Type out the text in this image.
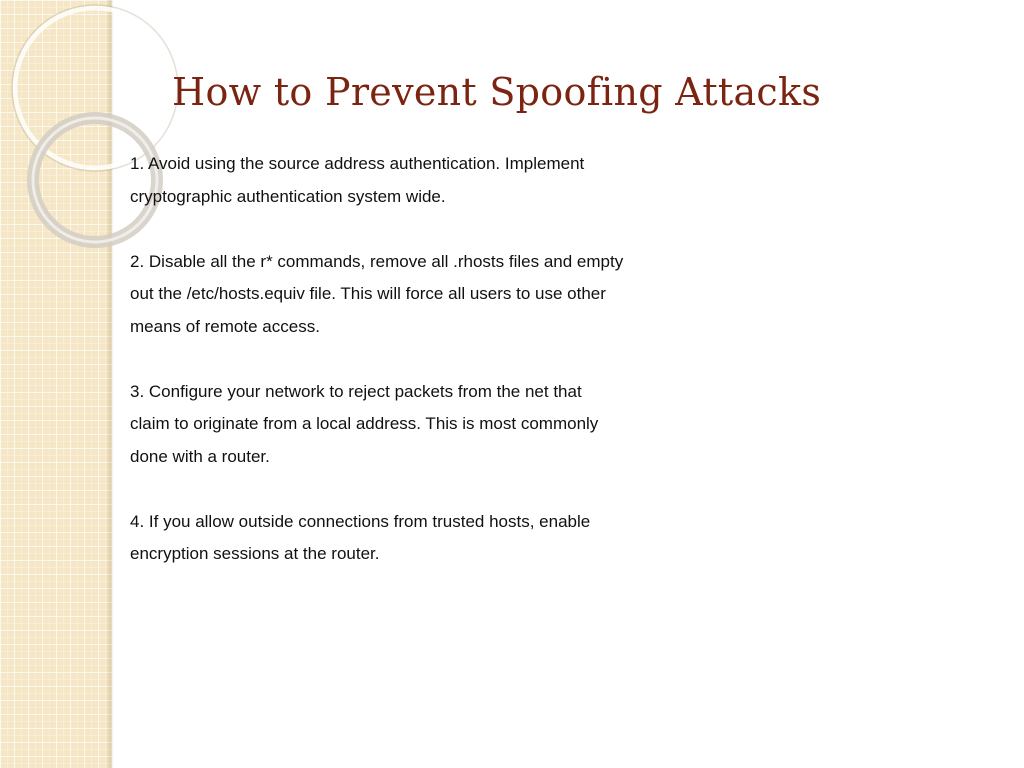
How to Prevent Spoofing Attacks

1. Avoid using the source address authentication. Implement
cryptographic authentication system wide.

2. Disable all the r* commands, remove all .rhosts files and empty
out the /etc/hosts.equiv file. This will force all users to use other
means of remote access.

3. Configure your network to reject packets from the net that
claim to originate from a local address. This is most commonly
done with a router.

4. If you allow outside connections from trusted hosts, enable
encryption sessions at the router.
